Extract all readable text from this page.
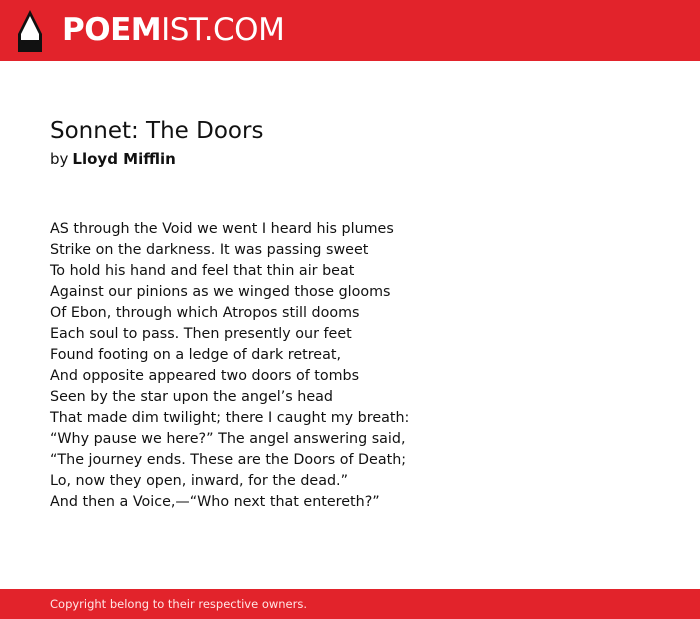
POEMIST.COM
Sonnet: The Doors
by Lloyd Mifflin
AS through the Void we went I heard his plumes
Strike on the darkness. It was passing sweet
To hold his hand and feel that thin air beat
Against our pinions as we winged those glooms
Of Ebon, through which Atropos still dooms
Each soul to pass. Then presently our feet
Found footing on a ledge of dark retreat,
And opposite appeared two doors of tombs
Seen by the star upon the angel’s head
That made dim twilight; there I caught my breath:
“Why pause we here?” The angel answering said,
“The journey ends. These are the Doors of Death;
Lo, now they open, inward, for the dead.”
And then a Voice,—“Who next that entereth?”
Copyright belong to their respective owners.
